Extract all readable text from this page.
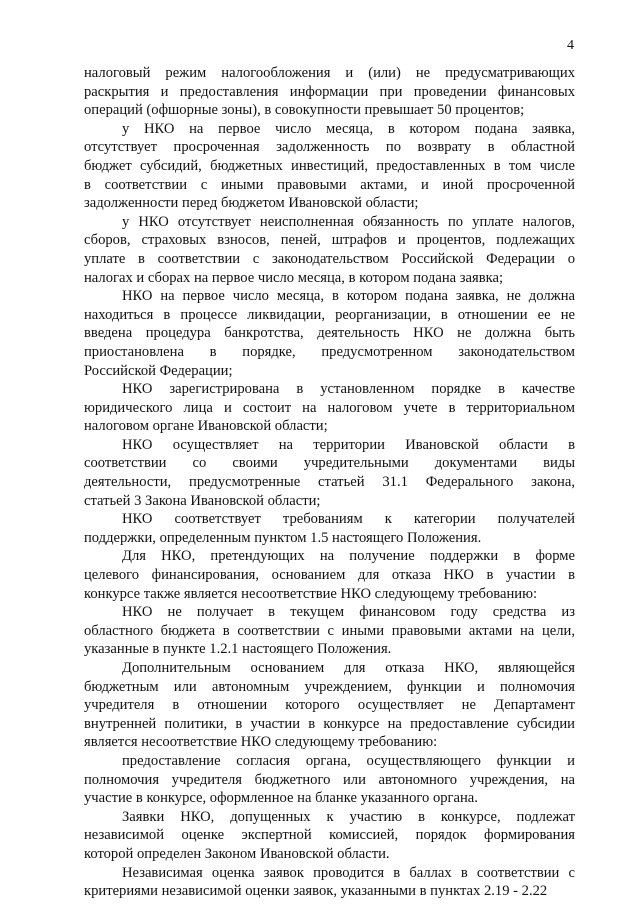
4
налоговый режим налогообложения и (или) не предусматривающих
раскрытия и предоставления информации при проведении финансовых
операций (офшорные зоны), в совокупности превышает 50 процентов;
у НКО на первое число месяца, в котором подана заявка,
отсутствует просроченная задолженность по возврату в областной
бюджет субсидий, бюджетных инвестиций, предоставленных в том числе
в соответствии с иными правовыми актами, и иной просроченной
задолженности перед бюджетом Ивановской области;
у НКО отсутствует неисполненная обязанность по уплате налогов,
сборов, страховых взносов, пеней, штрафов и процентов, подлежащих
уплате в соответствии с законодательством Российской Федерации о
налогах и сборах на первое число месяца, в котором подана заявка;
НКО на первое число месяца, в котором подана заявка, не должна
находиться в процессе ликвидации, реорганизации, в отношении ее не
введена процедура банкротства, деятельность НКО не должна быть
приостановлена в порядке, предусмотренном законодательством
Российской Федерации;
НКО зарегистрирована в установленном порядке в качестве
юридического лица и состоит на налоговом учете в территориальном
налоговом органе Ивановской области;
НКО осуществляет на территории Ивановской области в
соответствии со своими учредительными документами виды
деятельности, предусмотренные статьей 31.1 Федерального закона,
статьей 3 Закона Ивановской области;
НКО соответствует требованиям к категории получателей
поддержки, определенным пунктом 1.5 настоящего Положения.
Для НКО, претендующих на получение поддержки в форме
целевого финансирования, основанием для отказа НКО в участии в
конкурсе также является несоответствие НКО следующему требованию:
НКО не получает в текущем финансовом году средства из
областного бюджета в соответствии с иными правовыми актами на цели,
указанные в пункте 1.2.1 настоящего Положения.
Дополнительным основанием для отказа НКО, являющейся
бюджетным или автономным учреждением, функции и полномочия
учредителя в отношении которого осуществляет не Департамент
внутренней политики, в участии в конкурсе на предоставление субсидии
является несоответствие НКО следующему требованию:
предоставление согласия органа, осуществляющего функции и
полномочия учредителя бюджетного или автономного учреждения, на
участие в конкурсе, оформленное на бланке указанного органа.
Заявки НКО, допущенных к участию в конкурсе, подлежат
независимой оценке экспертной комиссией, порядок формирования
которой определен Законом Ивановской области.
Независимая оценка заявок проводится в баллах в соответствии с
критериями независимой оценки заявок, указанными в пунктах 2.19 - 2.22
